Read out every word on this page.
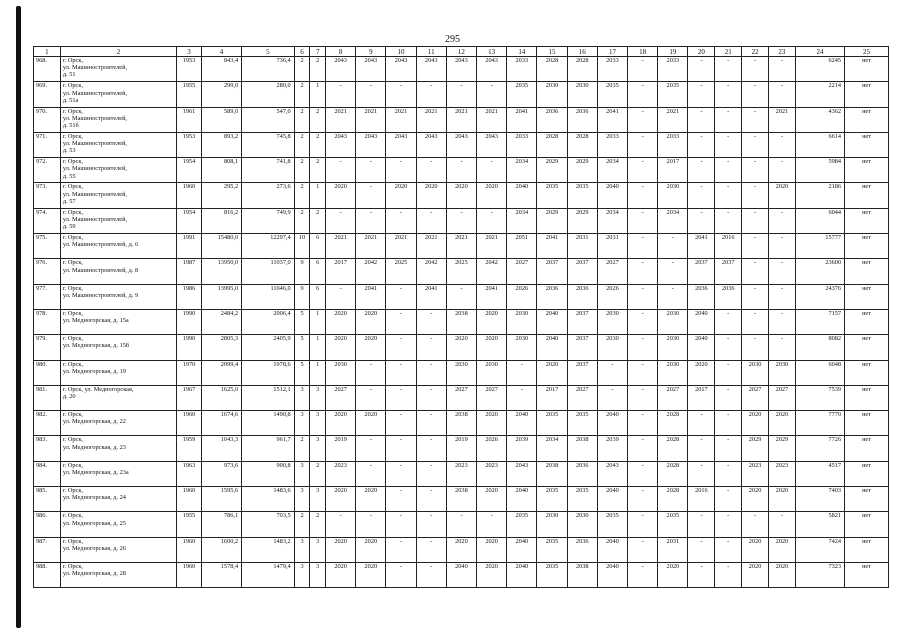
295
1	2	3	4	5	6	7	8	9	10	11	12	13	14	15	16	17	18	19	20	21	22	23	24	25
968.	г. Орск,
ул. Машиностроителей,
д. 51	1953	843,4	736,4	2	2	2043	2043	2043	2043	2043	2043	2033	2028	2028	2033	-	2033	-	-	-	-	6245	нет
969.	г. Орск,
ул. Машиностроителей,
д. 51а	1955	299,0	280,0	2	1	-	-	-	-	-	-	2035	2030	2030	2035	-	2035	-	-	-	-	2214	нет
970.	г. Орск,
ул. Машиностроителей,
д. 51б	1961	589,0	547,0	2	2	2021	2021	2021	2021	2021	2021	2041	2036	2036	2041	-	2021	-	-	-	2021	4362	нет
971.	г. Орск,
ул. Машиностроителей,
д. 53	1953	893,2	745,8	2	2	2043	2043	2043	2043	2043	2043	2033	2028	2028	2033	-	2033	-	-	-	-	6614	нет
972.	г. Орск,
ул. Машиностроителей,
д. 55	1954	808,1	741,8	2	2	-	-	-	-	-	-	2034	2029	2029	2034	-	2017	-	-	-	-	5984	нет
973.	г. Орск,
ул. Машиностроителей,
д. 57	1960	295,2	273,6	2	1	2020	-	2020	2020	2020	2020	2040	2035	2035	2040	-	2030	-	-	-	2020	2186	нет
974.	г. Орск,
ул. Машиностроителей,
д. 59	1954	816,2	749,9	2	2	-	-	-	-	-	-	2034	2029	2029	2034	-	2034	-	-	-	-	6044	нет
975.	г. Орск,
ул. Машиностроителей, д. 6	1991	15480,0	12297,4	10	6	2021	2021	2021	2021	2021	2021	2051	2041	2031	2031	-	-	2041	2016	-	-	15777	нет
976.	г. Орск,
ул. Машиностроителей, д. 8	1987	13950,0	11037,0	9	6	2017	2042	2025	2042	2025	2042	2027	2037	2037	2027	-	-	2037	2037	-	-	23600	нет
977.	г. Орск,
ул. Машиностроителей, д. 9	1986	13995,0	11046,0	9	6	-	2041	-	2041	-	2041	2026	2036	2036	2026	-	-	2036	2036	-	-	24376	нет
978.	г. Орск,
ул. Медногорская, д. 15а	1990	2484,2	2006,4	5	1	2020	2020	-	-	2038	2020	2030	2040	2037	2030	-	2030	2040	-	-	-	7157	нет
979.	г. Орск,
ул. Медногорская, д. 15б	1990	2805,3	2405,9	5	1	2020	2020	-	-	2020	2020	2030	2040	2037	2030	-	2030	2040	-	-	-	8082	нет
980.	г. Орск,
ул. Медногорская, д. 19	1970	2099,4	1978,6	5	1	2030	-	-	-	2030	2030	-	2020	2037	-	-	2030	2020	-	2030	2030	6048	нет
981.	г. Орск, ул. Медногорская,
д. 20	1967	1625,0	1512,1	3	3	2027	-	-	-	2027	2027	-	2017	2027	-	-	2027	2017	-	2027	2027	7539	нет
982.	г. Орск,
ул. Медногорская, д. 22	1960	1674,6	1490,8	3	3	2020	2020	-	-	2038	2020	2040	2035	2035	2040	-	2028	-	-	2020	2020	7770	нет
983.	г. Орск,
ул. Медногорская, д. 23	1959	1043,3	961,7	2	3	2019	-	-	-	2019	2026	2039	2034	2038	2039	-	2028	-	-	2029	2029	7726	нет
984.	г. Орск,
ул. Медногорская, д. 23а	1963	973,6	900,8	3	2	2023	-	-	-	2023	2023	2043	2038	2036	2043	-	2028	-	-	2023	2023	4517	нет
985.	г. Орск,
ул. Медногорская, д. 24	1960	1595,6	1483,6	3	3	2020	2020	-	-	2038	2020	2040	2035	2035	2040	-	2028	2016	-	2020	2020	7403	нет
986.	г. Орск,
ул. Медногорская, д. 25	1955	786,1	703,5	2	2	-	-	-	-	-	-	2035	2030	2030	2035	-	2035	-	-	-	-	5821	нет
987.	г. Орск,
ул. Медногорская, д. 26	1960	1600,2	1483,2	3	3	2020	2020	-	-	2020	2020	2040	2035	2036	2040	-	2031	-	-	2020	2020	7424	нет
988.	г. Орск,
ул. Медногорская, д. 28	1960	1578,4	1479,4	3	3	2020	2020	-	-	2040	2020	2040	2035	2038	2040	-	2020	-	-	2020	2020	7323	нет
